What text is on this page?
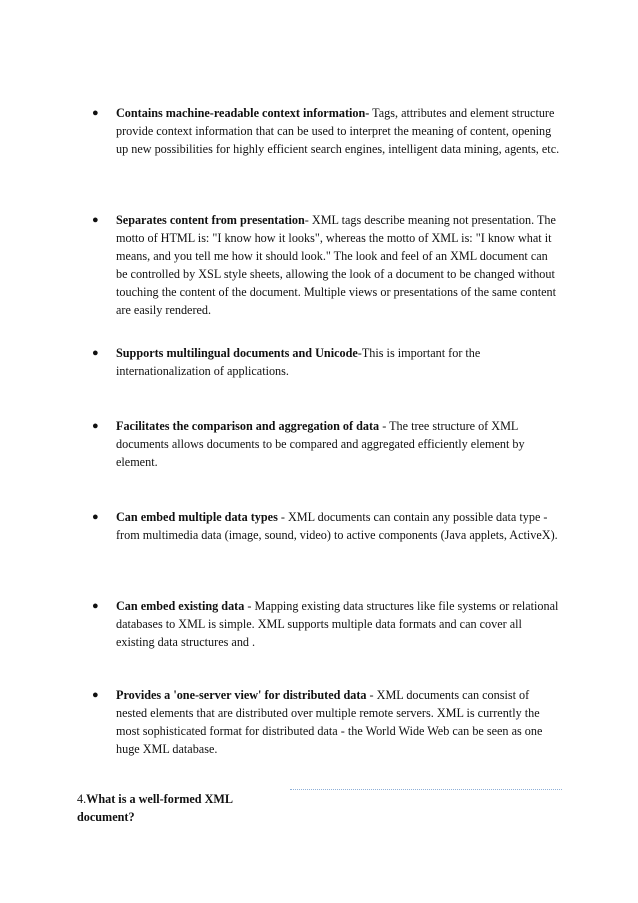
●	Contains machine-readable context information- Tags, attributes and element structure provide context information that can be used to interpret the meaning of content, opening up new possibilities for highly efficient search engines, intelligent data mining, agents, etc.
●	Separates content from presentation- XML tags describe meaning not presentation. The motto of HTML is: "I know how it looks", whereas the motto of XML is: "I know what it means, and you tell me how it should look." The look and feel of an XML document can be controlled by XSL style sheets, allowing the look of a document to be changed without touching the content of the document. Multiple views or presentations of the same content are easily rendered.
●	Supports multilingual documents and Unicode-This is important for the internationalization of applications.
●	Facilitates the comparison and aggregation of data - The tree structure of XML documents allows documents to be compared and aggregated efficiently element by element.
●	Can embed multiple data types - XML documents can contain any possible data type - from multimedia data (image, sound, video) to active components (Java applets, ActiveX).
●	Can embed existing data - Mapping existing data structures like file systems or relational databases to XML is simple. XML supports multiple data formats and can cover all existing data structures and .
●	Provides a 'one-server view' for distributed data - XML documents can consist of nested elements that are distributed over multiple remote servers. XML is currently the most sophisticated format for distributed data - the World Wide Web can be seen as one huge XML database.
4.What is a well-formed XML document?
